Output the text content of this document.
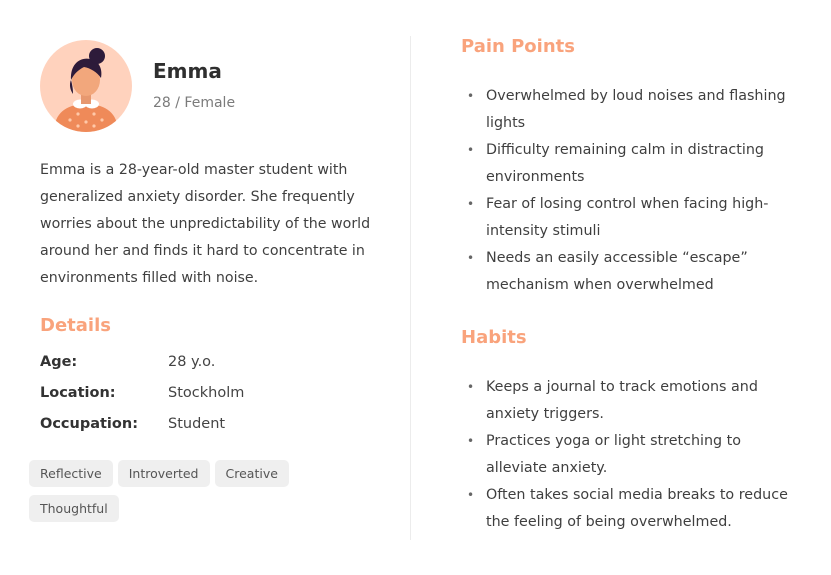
Emma
28 / Female

Emma is a 28-year-old master student with generalized anxiety disorder. She frequently worries about the unpredictability of the world around her and finds it hard to concentrate in environments filled with noise.

Details
Age:	28 y.o.
Location:	Stockholm
Occupation: Student
Reflective Introverted CreativeThoughtful
Pain Points
• Overwhelmed by loud noises and flashing lights
• Difficulty remaining calm in distracting environments
• Fear of losing control when facing high-intensity stimuli
• Needs an easily accessible “escape” mechanism when overwhelmed
Habits
• Keeps a journal to track emotions and anxiety triggers.
• Practices yoga or light stretching to alleviate anxiety.
• Often takes social media breaks to reduce the feeling of being overwhelmed.
